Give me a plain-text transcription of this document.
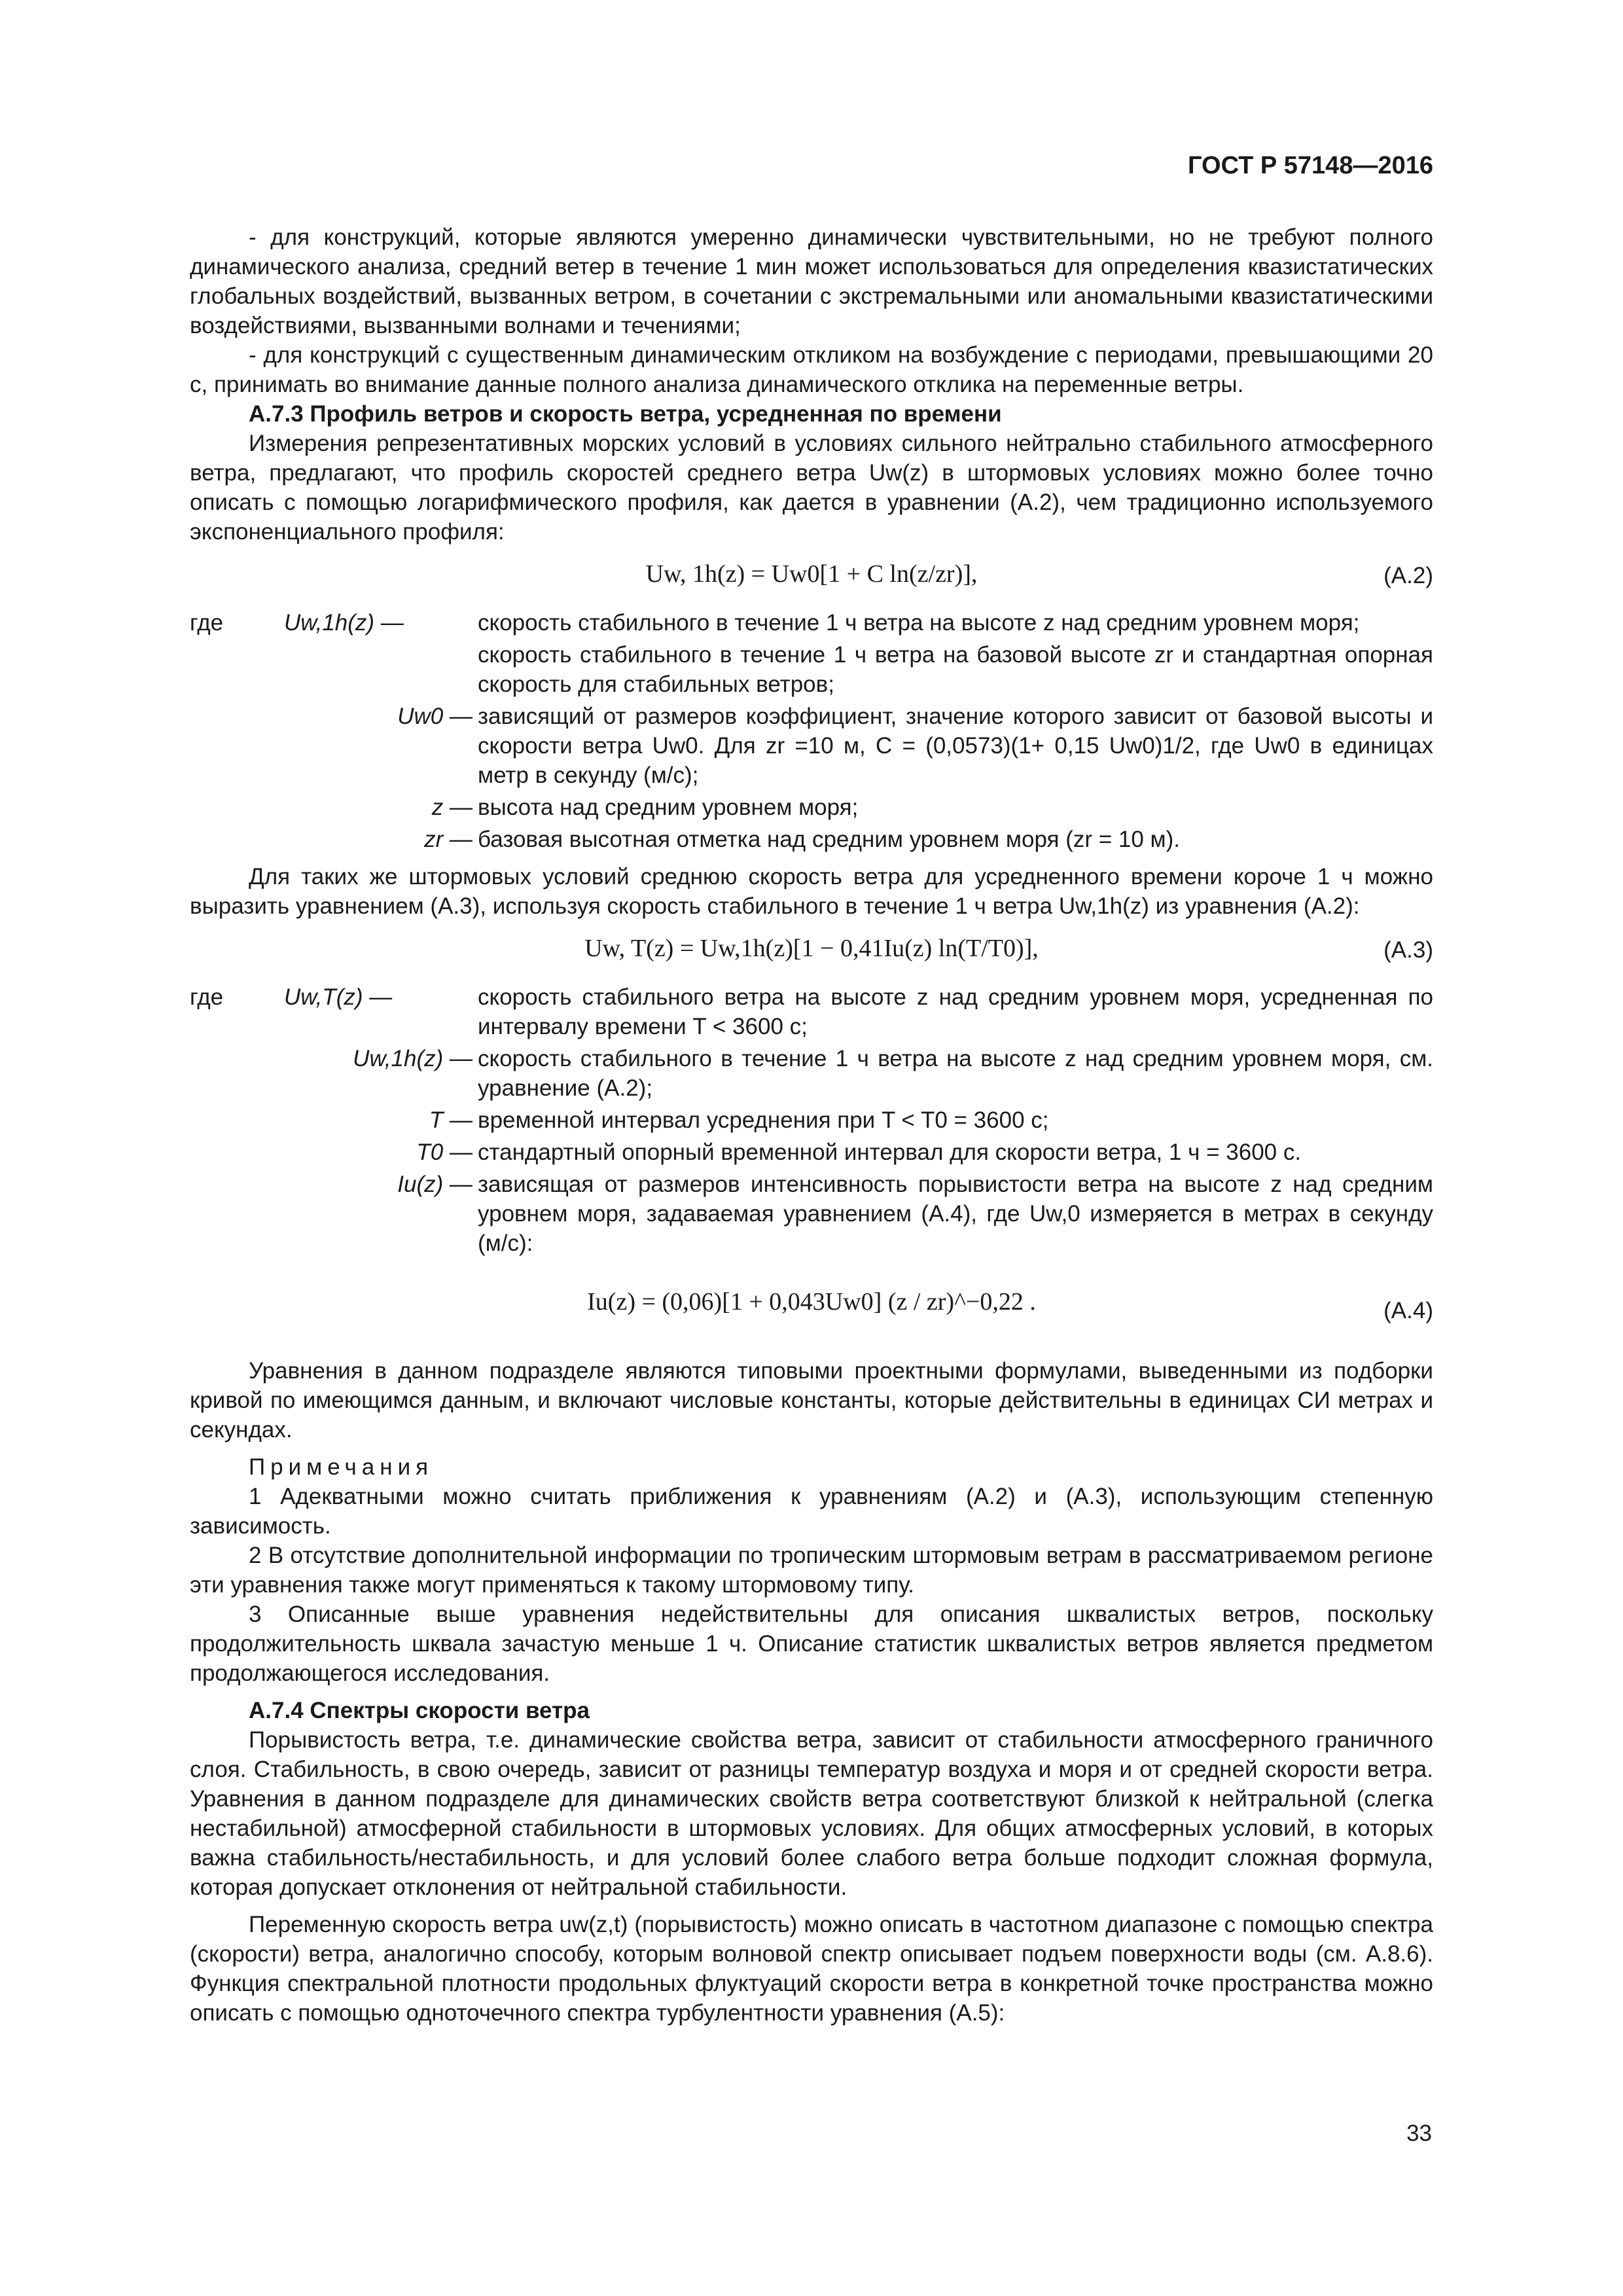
ГОСТ Р 57148—2016

- для конструкций, которые являются умеренно динамически чувствительными, но не требуют полного динамического анализа, средний ветер в течение 1 мин может использоваться для определения квазистатических глобальных воздействий, вызванных ветром, в сочетании с экстремальными или аномальными квазистатическими воздействиями, вызванными волнами и течениями;

- для конструкций с существенным динамическим откликом на возбуждение с периодами, превышающими 20 с, принимать во внимание данные полного анализа динамического отклика на переменные ветры.

А.7.3 Профиль ветров и скорость ветра, усредненная по времени

Измерения репрезентативных морских условий в условиях сильного нейтрально стабильного атмосферного ветра, предлагают, что профиль скоростей среднего ветра Uw(z) в штормовых условиях можно более точно описать с помощью логарифмического профиля, как дается в уравнении (А.2), чем традиционно используемого экспоненциального профиля:

Uw, 1h(z) = Uw0[1 + C ln(z/zr)],	(А.2)
где	Uw,1h(z) —	скорость стабильного в течение 1 ч ветра на высоте z над средним уровнем моря;
скорость стабильного в течение 1 ч ветра на базовой высоте zr и стандартная опорная скорость для стабильных ветров;
Uw0 — зависящий от размеров коэффициент, значение которого зависит от базовой высоты и скорости ветра Uw0. Для zr =10 м, C = (0,0573)(1+ 0,15 Uw0)1/2, где Uw0 в единицах метр в секунду (м/с);
z — высота над средним уровнем моря;
zr — базовая высотная отметка над средним уровнем моря (zr = 10 м).

Для таких же штормовых условий среднюю скорость ветра для усредненного времени короче 1 ч можно выразить уравнением (А.3), используя скорость стабильного в течение 1 ч ветра Uw,1h(z) из уравнения (А.2):

Uw, T(z) = Uw,1h(z)[1 − 0,41Iu(z) ln(T/T0)],	(А.3)
где	Uw,T(z) —	скорость стабильного ветра на высоте z над средним уровнем моря, усредненная по интервалу времени T < 3600 с;
Uw,1h(z) — скорость стабильного в течение 1 ч ветра на высоте z над средним уровнем моря, см. уравнение (А.2);
T — временной интервал усреднения при T < T0 = 3600 с;
T0 — стандартный опорный временной интервал для скорости ветра, 1 ч = 3600 с.
Iu(z) — зависящая от размеров интенсивность порывистости ветра на высоте z над средним уровнем моря, задаваемая уравнением (А.4), где Uw,0 измеряется в метрах в секунду (м/с):
Iu(z) = (0,06)[1 + 0,043Uw0] (z / zr)^−0,22 .	(А.4)

Уравнения в данном подразделе являются типовыми проектными формулами, выведенными из подборки кривой по имеющимся данным, и включают числовые константы, которые действительны в единицах СИ метрах и секундах.

Примечания

1 Адекватными можно считать приближения к уравнениям (А.2) и (А.3), использующим степенную зависимость.

2 В отсутствие дополнительной информации по тропическим штормовым ветрам в рассматриваемом регионе эти уравнения также могут применяться к такому штормовому типу.

3 Описанные выше уравнения недействительны для описания шквалистых ветров, поскольку продолжительность шквала зачастую меньше 1 ч. Описание статистик шквалистых ветров является предметом продолжающегося исследования.

А.7.4 Спектры скорости ветра

Порывистость ветра, т.е. динамические свойства ветра, зависит от стабильности атмосферного граничного слоя. Стабильность, в свою очередь, зависит от разницы температур воздуха и моря и от средней скорости ветра. Уравнения в данном подразделе для динамических свойств ветра соответствуют близкой к нейтральной (слегка нестабильной) атмосферной стабильности в штормовых условиях. Для общих атмосферных условий, в которых важна стабильность/нестабильность, и для условий более слабого ветра больше подходит сложная формула, которая допускает отклонения от нейтральной стабильности.

Переменную скорость ветра uw(z,t) (порывистость) можно описать в частотном диапазоне с помощью спектра (скорости) ветра, аналогично способу, которым волновой спектр описывает подъем поверхности воды (см. А.8.6). Функция спектральной плотности продольных флуктуаций скорости ветра в конкретной точке пространства можно описать с помощью одноточечного спектра турбулентности уравнения (А.5):

33
